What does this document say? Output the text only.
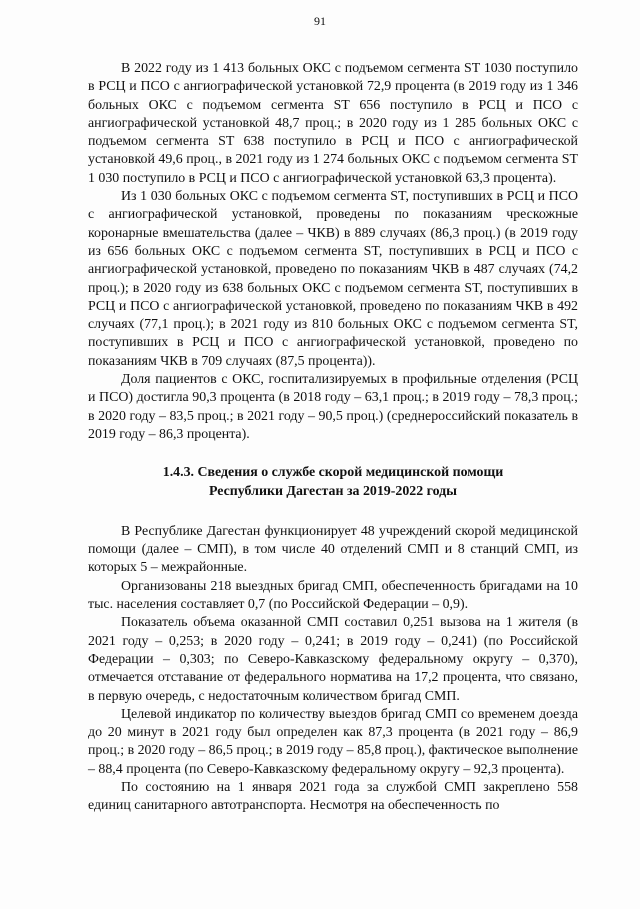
91

В 2022 году из 1 413 больных ОКС с подъемом сегмента ST 1030 поступило в РСЦ и ПСО с ангиографической установкой 72,9 процента (в 2019 году из 1 346 больных ОКС с подъемом сегмента ST 656 поступило в РСЦ и ПСО с ангиографической установкой 48,7 проц.; в 2020 году из 1 285 больных ОКС с подъемом сегмента ST 638 поступило в РСЦ и ПСО с ангиографической установкой 49,6 проц., в 2021 году из 1 274 больных ОКС с подъемом сегмента ST 1 030 поступило в РСЦ и ПСО с ангиографической установкой 63,3 процента).

Из 1 030 больных ОКС с подъемом сегмента ST, поступивших в РСЦ и ПСО с ангиографической установкой, проведены по показаниям чрескожные коронарные вмешательства (далее – ЧКВ) в 889 случаях (86,3 проц.) (в 2019 году из 656 больных ОКС с подъемом сегмента ST, поступивших в РСЦ и ПСО с ангиографической установкой, проведено по показаниям ЧКВ в 487 случаях (74,2 проц.); в 2020 году из 638 больных ОКС с подъемом сегмента ST, поступивших в РСЦ и ПСО с ангиографической установкой, проведено по показаниям ЧКВ в 492 случаях (77,1 проц.); в 2021 году из 810 больных ОКС с подъемом сегмента ST, поступивших в РСЦ и ПСО с ангиографической установкой, проведено по показаниям ЧКВ в 709 случаях (87,5 процента)).

Доля пациентов с ОКС, госпитализируемых в профильные отделения (РСЦ и ПСО) достигла 90,3 процента (в 2018 году – 63,1 проц.; в 2019 году – 78,3 проц.; в 2020 году – 83,5 проц.; в 2021 году – 90,5 проц.) (среднероссийский показатель в 2019 году – 86,3 процента).

1.4.3. Сведения о службе скорой медицинской помощи
Республики Дагестан за 2019-2022 годы

В Республике Дагестан функционирует 48 учреждений скорой медицинской помощи (далее – СМП), в том числе 40 отделений СМП и 8 станций СМП, из которых 5 – межрайонные.

Организованы 218 выездных бригад СМП, обеспеченность бригадами на 10 тыс. населения составляет 0,7 (по Российской Федерации – 0,9).

Показатель объема оказанной СМП составил 0,251 вызова на 1 жителя (в 2021 году – 0,253; в 2020 году – 0,241; в 2019 году – 0,241) (по Российской Федерации – 0,303; по Северо-Кавказскому федеральному округу – 0,370), отмечается отставание от федерального норматива на 17,2 процента, что связано, в первую очередь, с недостаточным количеством бригад СМП.

Целевой индикатор по количеству выездов бригад СМП со временем доезда до 20 минут в 2021 году был определен как 87,3 процента (в 2021 году – 86,9 проц.; в 2020 году – 86,5 проц.; в 2019 году – 85,8 проц.), фактическое выполнение – 88,4 процента (по Северо-Кавказскому федеральному округу – 92,3 процента).

По состоянию на 1 января 2021 года за службой СМП закреплено 558 единиц санитарного автотранспорта. Несмотря на обеспеченность по
